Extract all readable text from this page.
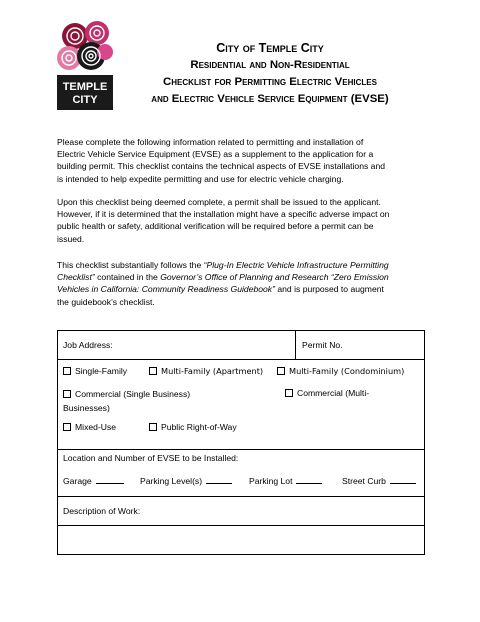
TEMPLE
CITY
City of Temple City
Residential and Non-Residential
Checklist for Permitting Electric Vehicles
and Electric Vehicle Service Equipment (EVSE)
Please complete the following information related to permitting and installation of
Electric Vehicle Service Equipment (EVSE) as a supplement to the application for a
building permit. This checklist contains the technical aspects of EVSE installations and
is intended to help expedite permitting and use for electric vehicle charging.
Upon this checklist being deemed complete, a permit shall be issued to the applicant.
However, if it is determined that the installation might have a specific adverse impact on
public health or safety, additional verification will be required before a permit can be
issued.
This checklist substantially follows the “Plug-In Electric Vehicle Infrastructure Permitting
Checklist” contained in the Governor’s Office of Planning and Research “Zero Emission
Vehicles in California: Community Readiness Guidebook” and is purposed to augment
the guidebook’s checklist.
Job Address:	Permit No.
Single-Family	Multi-Family (Apartment)	Multi-Family (Condominium)
Commercial (Single Business)	Commercial (Multi-
Businesses)
Mixed-Use	Public Right-of-Way
Location and Number of EVSE to be Installed:
Garage	Parking Level(s)	Parking Lot	Street Curb
Description of Work:
